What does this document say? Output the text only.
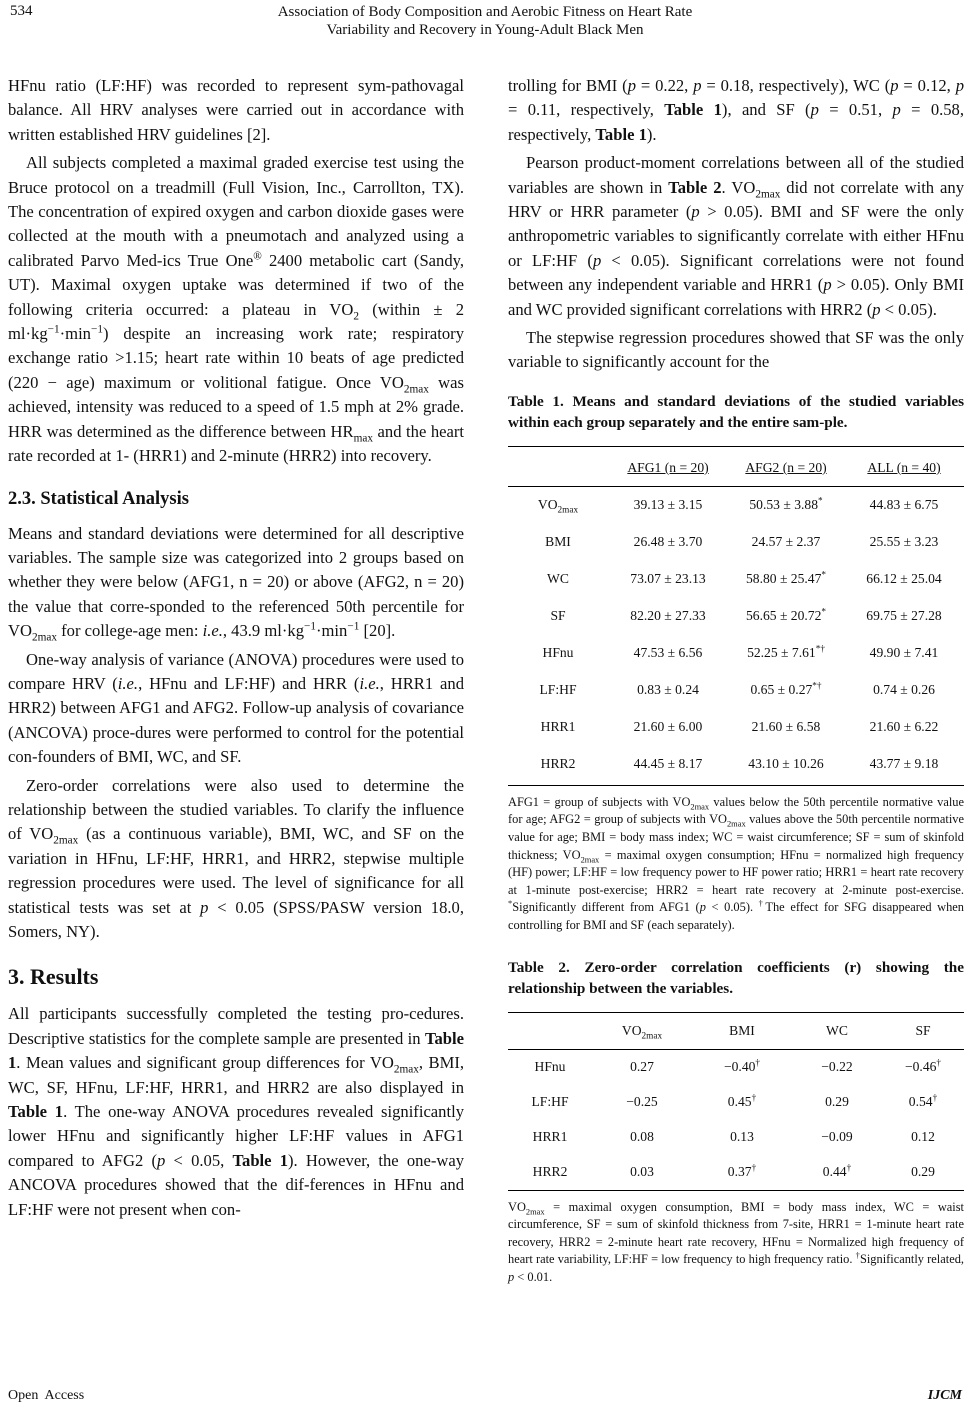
534	Association of Body Composition and Aerobic Fitness on Heart Rate
Variability and Recovery in Young-Adult Black Men

HFnu ratio (LF:HF) was recorded to represent sym-pathovagal balance. All HRV analyses were carried out in accordance with written established HRV guidelines [2].

All subjects completed a maximal graded exercise test using the Bruce protocol on a treadmill (Full Vision, Inc., Carrollton, TX). The concentration of expired oxygen and carbon dioxide gases were collected at the mouth with a pneumotach and analyzed using a calibrated Parvo Med-ics True One® 2400 metabolic cart (Sandy, UT). Maximal oxygen uptake was determined if two of the following criteria occurred: a plateau in $VO_2$ (within ± 2 $ml\cdot kg^{-1}\cdot\min^{-1}$) despite an increasing work rate; respiratory exchange ratio >1.15; heart rate within 10 beats of age predicted (220 − age) maximum or volitional fatigue. Once $VO_{2max}$ was achieved, intensity was reduced to a speed of 1.5 mph at 2% grade. HRR was determined as the difference between $HR_{max}$ and the heart rate recorded at 1- (HRR1) and 2-minute (HRR2) into recovery.

2.3. Statistical Analysis

Means and standard deviations were determined for all descriptive variables. The sample size was categorized into 2 groups based on whether they were below (AFG1, n = 20) or above (AFG2, n = 20) the value that corre-sponded to the referenced 50th percentile for $VO_{2max}$ for college-age men: i.e., 43.9 $ml\cdot kg^{-1}\cdot\min^{-1}$ [20].

One-way analysis of variance (ANOVA) procedures were used to compare HRV (i.e., HFnu and LF:HF) and HRR (i.e., HRR1 and HRR2) between AFG1 and AFG2. Follow-up analysis of covariance (ANCOVA) proce-dures were performed to control for the potential con-founders of BMI, WC, and SF.

Zero-order correlations were also used to determine the relationship between the studied variables. To clarify the influence of $VO_{2max}$ (as a continuous variable), BMI, WC, and SF on the variation in HFnu, LF:HF, HRR1, and HRR2, stepwise multiple regression procedures were used. The level of significance for all statistical tests was set at p < 0.05 (SPSS/PASW version 18.0, Somers, NY).

3. Results

All participants successfully completed the testing pro-cedures. Descriptive statistics for the complete sample are presented in Table 1. Mean values and significant group differences for $VO_{2max}$, BMI, WC, SF, HFnu, LF:HF, HRR1, and HRR2 are also displayed in Table 1. The one-way ANOVA procedures revealed significantly lower HFnu and significantly higher LF:HF values in AFG1 compared to AFG2 (p < 0.05, Table 1). However, the one-way ANCOVA procedures showed that the dif-ferences in HFnu and LF:HF were not present when con-

trolling for BMI (p = 0.22, p = 0.18, respectively), WC (p = 0.12, p = 0.11, respectively, Table 1), and SF (p = 0.51, p = 0.58, respectively, Table 1).

Pearson product-moment correlations between all of the studied variables are shown in Table 2. $VO_{2max}$ did not correlate with any HRV or HRR parameter (p > 0.05). BMI and SF were the only anthropometric variables to significantly correlate with either HFnu or LF:HF (p < 0.05). Significant correlations were not found between any independent variable and HRR1 (p > 0.05). Only BMI and WC provided significant correlations with HRR2 (p < 0.05).

The stepwise regression procedures showed that SF was the only variable to significantly account for the

Table 1. Means and standard deviations of the studied variables within each group separately and the entire sam-ple.

	AFG1 (n = 20)	AFG2 (n = 20)	ALL (n = 40)
$VO_{2max}$	39.13 ± 3.15	50.53 ± 3.88*	44.83 ± 6.75
BMI	26.48 ± 3.70	24.57 ± 2.37	25.55 ± 3.23
WC	73.07 ± 23.13	58.80 ± 25.47*	66.12 ± 25.04
SF	82.20 ± 27.33	56.65 ± 20.72*	69.75 ± 27.28
HFnu	47.53 ± 6.56	52.25 ± 7.61*†	49.90 ± 7.41
LF:HF	0.83 ± 0.24	0.65 ± 0.27*†	0.74 ± 0.26
HRR1	21.60 ± 6.00	21.60 ± 6.58	21.60 ± 6.22
HRR2	44.45 ± 8.17	43.10 ± 10.26	43.77 ± 9.18

AFG1 = group of subjects with $VO_{2max}$ values below the 50th percentile normative value for age; AFG2 = group of subjects with $VO_{2max}$ values above the 50th percentile normative value for age; BMI = body mass index; WC = waist circumference; SF = sum of skinfold thickness; $VO_{2max}$ = maximal oxygen consumption; HFnu = normalized high frequency (HF) power; LF:HF = low frequency power to HF power ratio; HRR1 = heart rate recovery at 1-minute post-exercise; HRR2 = heart rate recovery at 2-minute post-exercise. *Significantly different from AFG1 (p < 0.05). †The effect for SFG disappeared when controlling for BMI and SF (each separately).

Table 2. Zero-order correlation coefficients (r) showing the relationship between the variables.

	$VO_{2max}$	BMI	WC	SF
HFnu	0.27	−0.40†	−0.22	−0.46†
LF:HF	−0.25	0.45†	0.29	0.54†
HRR1	0.08	0.13	−0.09	0.12
HRR2	0.03	0.37†	0.44†	0.29

$VO_{2max}$ = maximal oxygen consumption, BMI = body mass index, WC = waist circumference, SF = sum of skinfold thickness from 7-site, HRR1 = 1-minute heart rate recovery, HRR2 = 2-minute heart rate recovery, HFnu = Normalized high frequency of heart rate variability, LF:HF = low frequency to high frequency ratio. †Significantly related, p < 0.01.

Open  Access	IJCM
